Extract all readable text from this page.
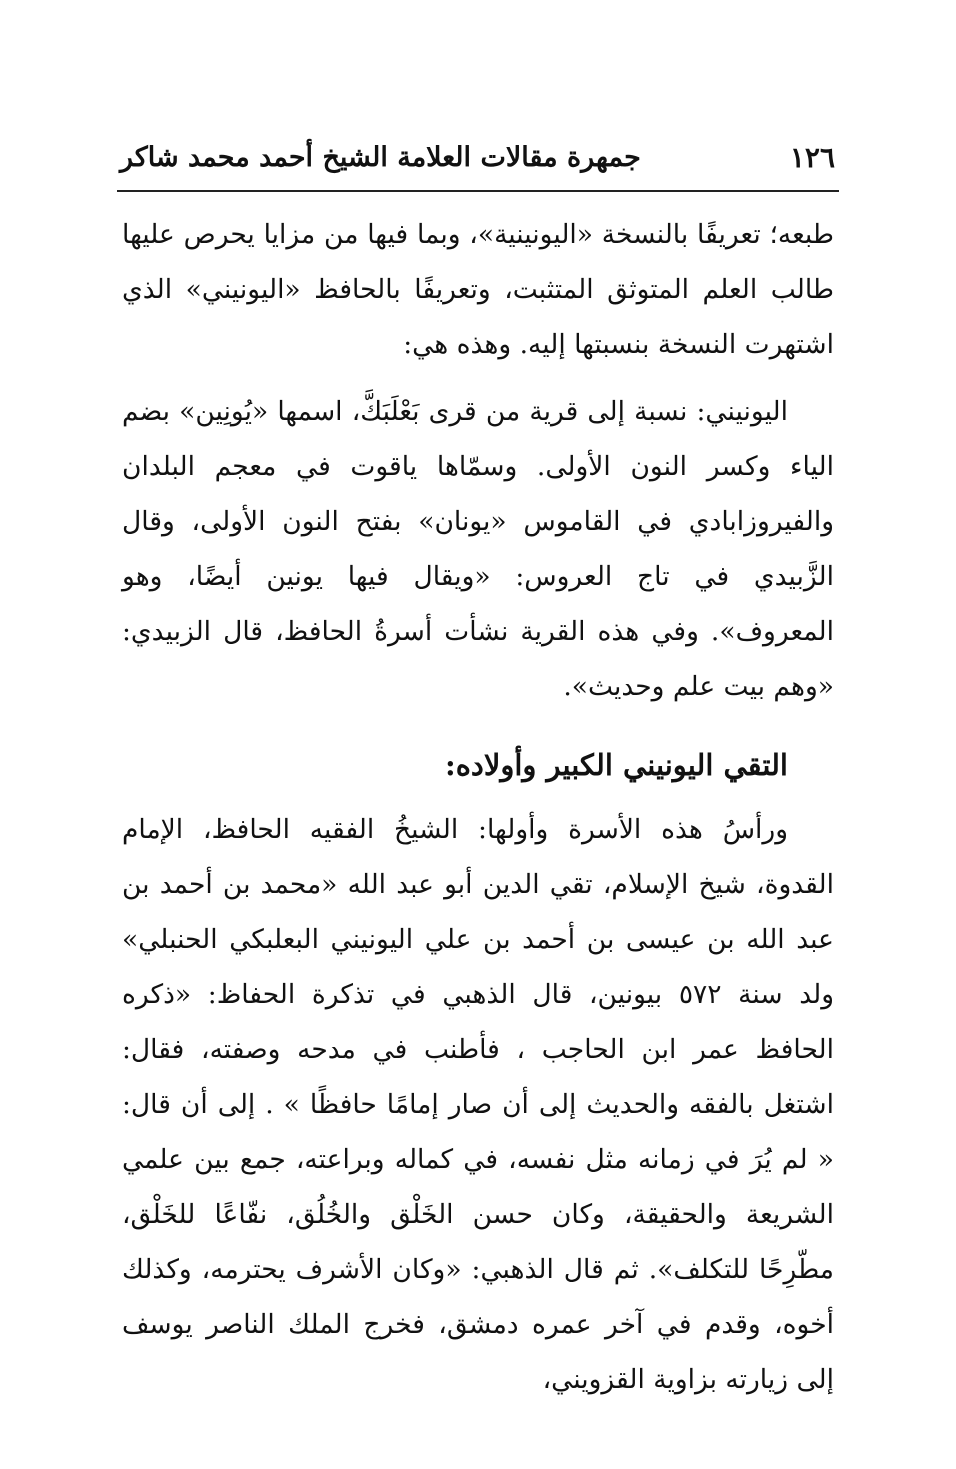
١٢٦
جمهرة مقالات العلامة الشيخ أحمد محمد شاكر

طبعه؛ تعريفًا بالنسخة «اليونينية»، وبما فيها من مزايا يحرص عليها طالب العلم المتوثق المتثبت، وتعريفًا بالحافظ «اليونيني» الذي اشتهرت النسخة بنسبتها إليه. وهذه هي:

اليونيني: نسبة إلى قرية من قرى بَعْلَبَكَّ، اسمها «يُونِين» بضم الياء وكسر النون الأولى. وسمّاها ياقوت في معجم البلدان والفيروزابادي في القاموس «يونان» بفتح النون الأولى، وقال الزَّبيدي في تاج العروس: «ويقال فيها يونين أيضًا، وهو المعروف». وفي هذه القرية نشأت أسرةُ الحافظ، قال الزبيدي: «وهم بيت علم وحديث».

التقي اليونيني الكبير وأولاده:

ورأسُ هذه الأسرة وأولها: الشيخُ الفقيه الحافظ، الإمام القدوة، شيخ الإسلام، تقي الدين أبو عبد الله «محمد بن أحمد بن عبد الله بن عيسى بن أحمد بن علي اليونيني البعلبكي الحنبلي» ولد سنة ٥٧٢ بيونين، قال الذهبي في تذكرة الحفاظ: «ذكره الحافظ عمر ابن الحاجب ، فأطنب في مدحه وصفته، فقال: اشتغل بالفقه والحديث إلى أن صار إمامًا حافظًا » . إلى أن قال: « لم يُرَ في زمانه مثل نفسه، في كماله وبراعته، جمع بين علمي الشريعة والحقيقة، وكان حسن الخَلْق والخُلُق، نفّاعًا للخَلْق، مطّرِحًا للتكلف». ثم قال الذهبي: «وكان الأشرف يحترمه، وكذلك أخوه، وقدم في آخر عمره دمشق، فخرج الملك الناصر يوسف إلى زيارته بزاوية القزويني،
